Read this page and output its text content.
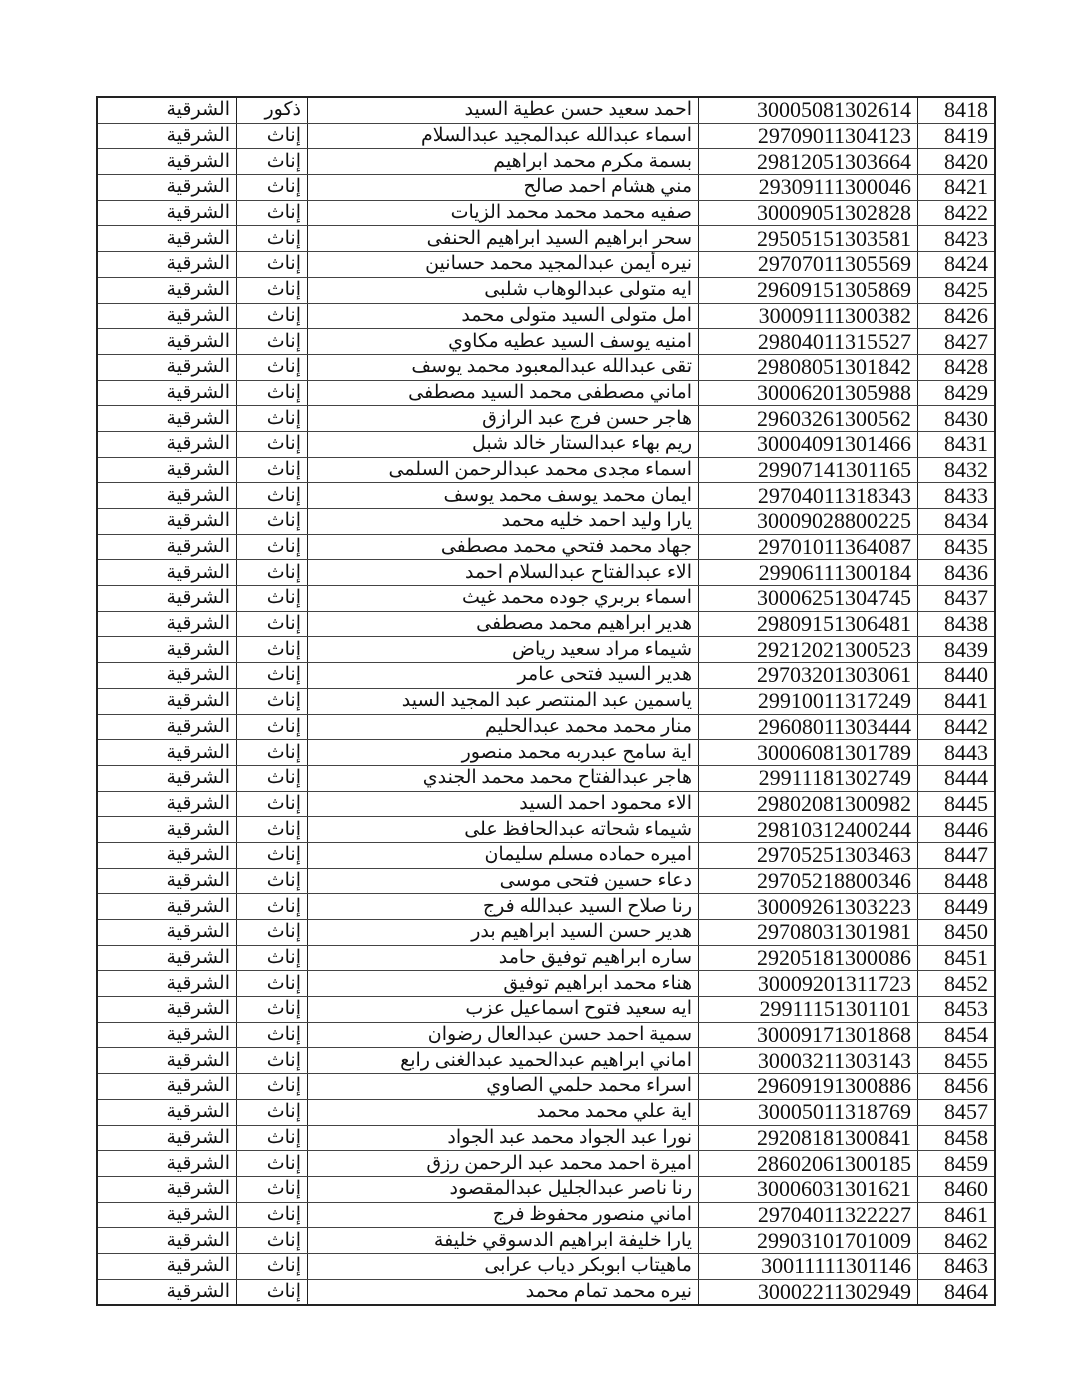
الشرقية	ذكور	احمد سعيد حسن عطية السيد	30005081302614	8418
الشرقية	إناث	اسماء عبدالله عبدالمجيد عبدالسلام	29709011304123	8419
الشرقية	إناث	بسمة مكرم محمد ابراهيم	29812051303664	8420
الشرقية	إناث	مني هشام احمد صالح	29309111300046	8421
الشرقية	إناث	صفيه محمد محمد محمد الزيات	30009051302828	8422
الشرقية	إناث	سحر ابراهيم السيد ابراهيم الحنفى	29505151303581	8423
الشرقية	إناث	نيره أيمن عبدالمجيد محمد حسانين	29707011305569	8424
الشرقية	إناث	ايه متولى عبدالوهاب شلبى	29609151305869	8425
الشرقية	إناث	امل متولى السيد متولى محمد	30009111300382	8426
الشرقية	إناث	امنيه يوسف السيد عطيه مكاوي	29804011315527	8427
الشرقية	إناث	تقى عبدالله عبدالمعبود محمد يوسف	29808051301842	8428
الشرقية	إناث	اماني مصطفى محمد السيد مصطفى	30006201305988	8429
الشرقية	إناث	هاجر حسن فرج عبد الرازق	29603261300562	8430
الشرقية	إناث	ريم بهاء عبدالستار خالد شبل	30004091301466	8431
الشرقية	إناث	اسماء مجدى محمد عبدالرحمن السلمى	29907141301165	8432
الشرقية	إناث	ايمان محمد يوسف محمد يوسف	29704011318343	8433
الشرقية	إناث	يارا وليد احمد خليه محمد	30009028800225	8434
الشرقية	إناث	جهاد محمد فتحي محمد مصطفى	29701011364087	8435
الشرقية	إناث	الاء عبدالفتاح عبدالسلام احمد	29906111300184	8436
الشرقية	إناث	اسماء بربري جوده محمد غيث	30006251304745	8437
الشرقية	إناث	هدير ابراهيم محمد مصطفى	29809151306481	8438
الشرقية	إناث	شيماء مراد سعيد رياض	29212021300523	8439
الشرقية	إناث	هدير السيد فتحى عامر	29703201303061	8440
الشرقية	إناث	ياسمين عبد المنتصر عبد المجيد السيد	29910011317249	8441
الشرقية	إناث	منار محمد محمد عبدالحليم	29608011303444	8442
الشرقية	إناث	اية سامح عبدربه محمد منصور	30006081301789	8443
الشرقية	إناث	هاجر عبدالفتاح محمد محمد الجندي	29911181302749	8444
الشرقية	إناث	الاء محمود احمد السيد	29802081300982	8445
الشرقية	إناث	شيماء شحاته عبدالحافظ على	29810312400244	8446
الشرقية	إناث	اميره حماده مسلم سليمان	29705251303463	8447
الشرقية	إناث	دعاء حسين فتحى موسى	29705218800346	8448
الشرقية	إناث	رنا صلاح السيد عبدالله فرج	30009261303223	8449
الشرقية	إناث	هدير حسن السيد ابراهيم بدر	29708031301981	8450
الشرقية	إناث	ساره ابراهيم توفيق حامد	29205181300086	8451
الشرقية	إناث	هناء محمد ابراهيم توفيق	30009201311723	8452
الشرقية	إناث	ايه سعيد فتوح اسماعيل عزب	29911151301101	8453
الشرقية	إناث	سمية احمد حسن عبدالعال رضوان	30009171301868	8454
الشرقية	إناث	اماني ابراهيم عبدالحميد عبدالغنى رابع	30003211303143	8455
الشرقية	إناث	اسراء محمد حلمي الصاوي	29609191300886	8456
الشرقية	إناث	اية علي محمد محمد	30005011318769	8457
الشرقية	إناث	نورا عبد الجواد محمد عبد الجواد	29208181300841	8458
الشرقية	إناث	اميرة احمد محمد عبد الرحمن رزق	28602061300185	8459
الشرقية	إناث	رنا ناصر عبدالجليل عبدالمقصود	30006031301621	8460
الشرقية	إناث	اماني منصور محفوظ فرج	29704011322227	8461
الشرقية	إناث	يارا خليفة ابراهيم الدسوقي خليفة	29903101701009	8462
الشرقية	إناث	ماهيتاب ابوبكر دياب عرابى	30011111301146	8463
الشرقية	إناث	نيره محمد تمام محمد	30002211302949	8464
